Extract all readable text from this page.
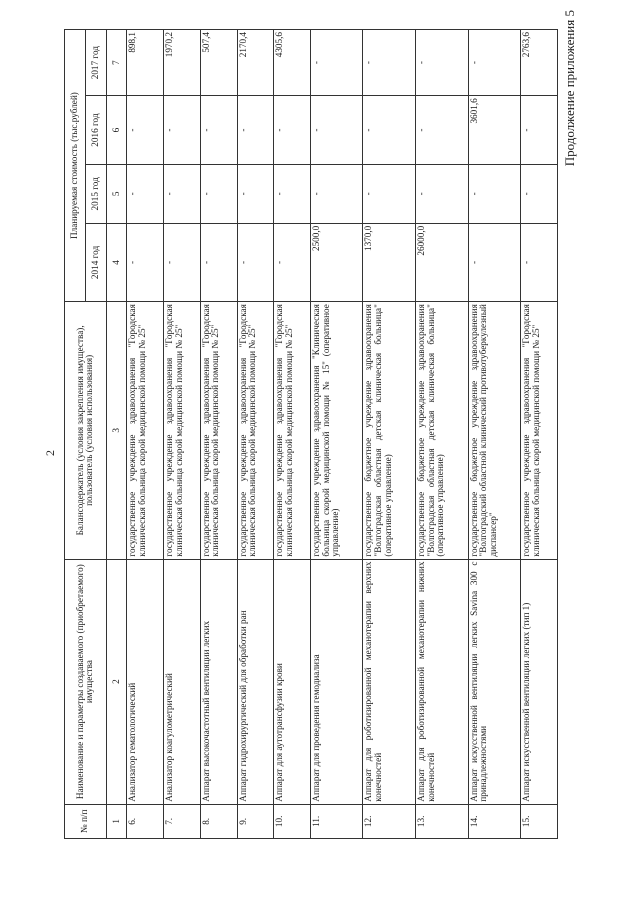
2
Продолжение приложения 5
№ п/п	Наименование и параметры создаваемого (приобретаемого) имущества	Балансодержатель (условия закрепления имущества), пользователь (условия использования)	Планируемая стоимость (тыс.рублей)			
			2014 год	2015 год	2016 год	2017 год
1	2	3	4	5	6	7
6.	Анализатор гематологический	государственное учреждение здравоохранения "Городская клиническая больница скорой медицинской помощи № 25"	-	-	-	898,1
7.	Анализатор коагулометрический	государственное учреждение здравоохранения "Городская клиническая больница скорой медицинской помощи № 25"	-	-	-	1970,2
8.	Аппарат высокочастотный вентиляции легких	государственное учреждение здравоохранения "Городская клиническая больница скорой медицинской помощи № 25"	-	-	-	507,4
9.	Аппарат гидрохирургический для обработки ран	государственное учреждение здравоохранения "Городская клиническая больница скорой медицинской помощи № 25"	-	-	-	2170,4
10.	Аппарат для аутотрансфузии крови	государственное учреждение здравоохранения "Городская клиническая больница скорой медицинской помощи № 25"	-	-	-	4305,6
11.	Аппарат для проведения гемодиализа	государственное учреждение здравоохранения "Клиническая больница скорой медицинской помощи № 15" (оперативное управление)	2500,0	-	-	-
12.	Аппарат для роботизированной механотерапии верхних конечностей	государственное бюджетное учреждение здравоохранения "Волгоградская областная детская клиническая больница" (оперативное управление)	1370,0	-	-	-
13.	Аппарат для роботизированной механотерапии нижних конечностей	государственное бюджетное учреждение здравоохранения "Волгоградская областная детская клиническая больница" (оперативное управление)	26000,0	-	-	-
14.	Аппарат искусственной вентиляции легких Savina 300 с принадлежностями	государственное бюджетное учреждение здравоохранения "Волгоградский областной клинический противотуберкулезный диспансер"	-	-	3601,6	-
15.	Аппарат искусственной вентиляции легких (тип 1)	государственное учреждение здравоохранения "Городская клиническая больница скорой медицинской помощи № 25"	-	-	-	2763,6
